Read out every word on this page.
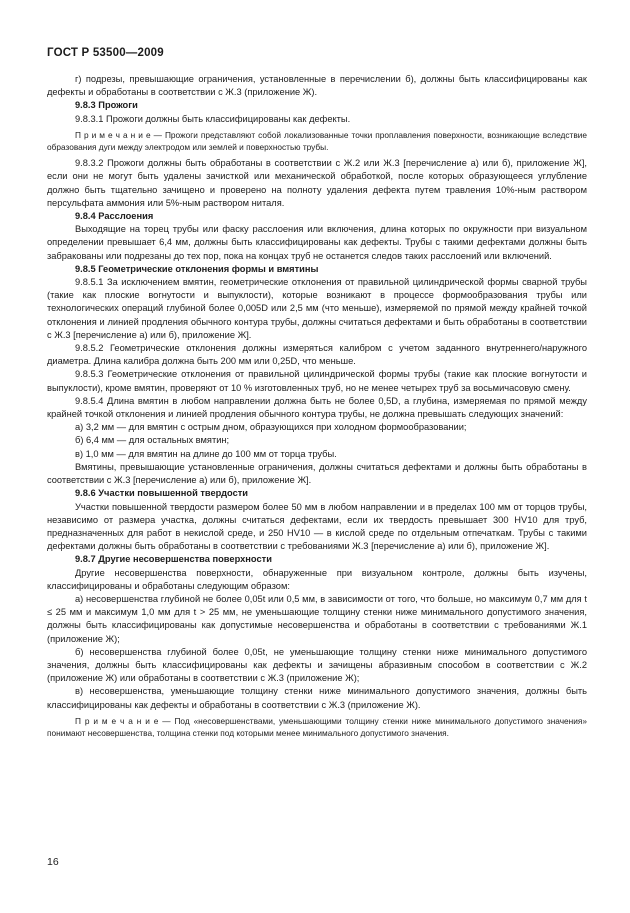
ГОСТ Р 53500—2009

г) подрезы, превышающие ограничения, установленные в перечислении б), должны быть классифицированы как дефекты и обработаны в соответствии с Ж.3 (приложение Ж).

9.8.3 Прожоги

9.8.3.1 Прожоги должны быть классифицированы как дефекты.

П р и м е ч а н и е — Прожоги представляют собой локализованные точки проплавления поверхности, возникающие вследствие образования дуги между электродом или землей и поверхностью трубы.

9.8.3.2 Прожоги должны быть обработаны в соответствии с Ж.2 или Ж.3 [перечисление а) или б), приложение Ж], если они не могут быть удалены зачисткой или механической обработкой, после которых образующееся углубление должно быть тщательно зачищено и проверено на полноту удаления дефекта путем травления 10%-ным раствором персульфата аммония или 5%-ным раствором ниталя.

9.8.4 Расслоения

Выходящие на торец трубы или фаску расслоения или включения, длина которых по окружности при визуальном определении превышает 6,4 мм, должны быть классифицированы как дефекты. Трубы с такими дефектами должны быть забракованы или подрезаны до тех пор, пока на концах труб не останется следов таких расслоений или включений.

9.8.5 Геометрические отклонения формы и вмятины

9.8.5.1 За исключением вмятин, геометрические отклонения от правильной цилиндрической формы сварной трубы (такие как плоские вогнутости и выпуклости), которые возникают в процессе формообразования трубы или технологических операций глубиной более 0,005D или 2,5 мм (что меньше), измеряемой по прямой между крайней точкой отклонения и линией продления обычного контура трубы, должны считаться дефектами и быть обработаны в соответствии с Ж.3 [перечисление а) или б), приложение Ж].

9.8.5.2 Геометрические отклонения должны измеряться калибром с учетом заданного внутреннего/наружного диаметра. Длина калибра должна быть 200 мм или 0,25D, что меньше.

9.8.5.3 Геометрические отклонения от правильной цилиндрической формы трубы (такие как плоские вогнутости и выпуклости), кроме вмятин, проверяют от 10 % изготовленных труб, но не менее четырех труб за восьмичасовую смену.

9.8.5.4 Длина вмятин в любом направлении должна быть не более 0,5D, а глубина, измеряемая по прямой между крайней точкой отклонения и линией продления обычного контура трубы, не должна превышать следующих значений:

а) 3,2 мм — для вмятин с острым дном, образующихся при холодном формообразовании;

б) 6,4 мм — для остальных вмятин;

в) 1,0 мм — для вмятин на длине до 100 мм от торца трубы.

Вмятины, превышающие установленные ограничения, должны считаться дефектами и должны быть обработаны в соответствии с Ж.3 [перечисление а) или б), приложение Ж].

9.8.6 Участки повышенной твердости

Участки повышенной твердости размером более 50 мм в любом направлении и в пределах 100 мм от торцов трубы, независимо от размера участка, должны считаться дефектами, если их твердость превышает 300 HV10 для труб, предназначенных для работ в некислой среде, и 250 HV10 — в кислой среде по отдельным отпечаткам. Трубы с такими дефектами должны быть обработаны в соответствии с требованиями Ж.3 [перечисление а) или б), приложение Ж].

9.8.7 Другие несовершенства поверхности

Другие несовершенства поверхности, обнаруженные при визуальном контроле, должны быть изучены, классифицированы и обработаны следующим образом:

а) несовершенства глубиной не более 0,05t или 0,5 мм, в зависимости от того, что больше, но максимум 0,7 мм для t ≤ 25 мм и максимум 1,0 мм для t > 25 мм, не уменьшающие толщину стенки ниже минимального допустимого значения, должны быть классифицированы как допустимые несовершенства и обработаны в соответствии с требованиями Ж.1 (приложение Ж);

б) несовершенства глубиной более 0,05t, не уменьшающие толщину стенки ниже минимального допустимого значения, должны быть классифицированы как дефекты и зачищены абразивным способом в соответствии с Ж.2 (приложение Ж) или обработаны в соответствии с Ж.3 (приложение Ж);

в) несовершенства, уменьшающие толщину стенки ниже минимального допустимого значения, должны быть классифицированы как дефекты и обработаны в соответствии с Ж.3 (приложение Ж).

П р и м е ч а н и е — Под «несовершенствами, уменьшающими толщину стенки ниже минимального допустимого значения» понимают несовершенства, толщина стенки под которыми менее минимального допустимого значения.

16
